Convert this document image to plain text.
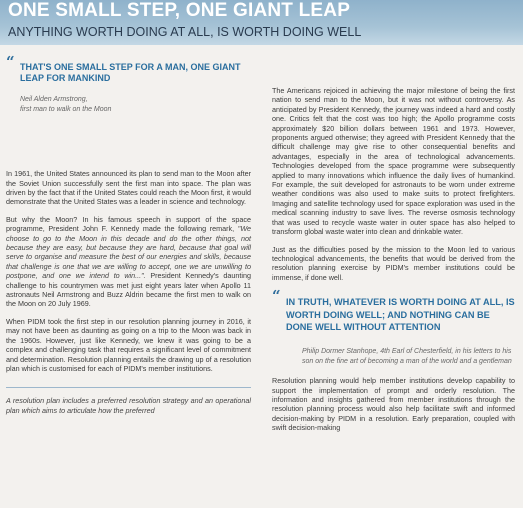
ONE SMALL STEP, ONE GIANT LEAP
ANYTHING WORTH DOING AT ALL, IS WORTH DOING WELL
“ THAT'S ONE SMALL STEP FOR A MAN, ONE GIANT LEAP FOR MANKIND
Neil Alden Armstrong,
first man to walk on the Moon

In 1961, the United States announced its plan to send man to the Moon after the Soviet Union successfully sent the first man into space. The plan was driven by the fact that if the United States could reach the Moon first, it would demonstrate that the United States was a leader in science and technology.

But why the Moon? In his famous speech in support of the space programme, President John F. Kennedy made the following remark, "We choose to go to the Moon in this decade and do the other things, not because they are easy, but because they are hard, because that goal will serve to organise and measure the best of our energies and skills, because that challenge is one that we are willing to accept, one we are unwilling to postpone, and one we intend to win...". President Kennedy's daunting challenge to his countrymen was met just eight years later when Apollo 11 astronauts Neil Armstrong and Buzz Aldrin became the first men to walk on the Moon on 20 July 1969.

When PIDM took the first step in our resolution planning journey in 2016, it may not have been as daunting as going on a trip to the Moon was back in the 1960s. However, just like Kennedy, we knew it was going to be a complex and challenging task that requires a significant level of commitment and determination. Resolution planning entails the drawing up of a resolution plan which is customised for each of PIDM's member institutions.

A resolution plan includes a preferred resolution strategy and an operational plan which aims to articulate how the preferred

The Americans rejoiced in achieving the major milestone of being the first nation to send man to the Moon, but it was not without controversy. As anticipated by President Kennedy, the journey was indeed a hard and costly one. Critics felt that the cost was too high; the Apollo programme costs approximately $20 billion dollars between 1961 and 1973. However, proponents argued otherwise; they agreed with President Kennedy that the difficult challenge may give rise to other consequential benefits and advantages, especially in the area of technological advancements. Technologies developed from the space programme were subsequently applied to many innovations which influence the daily lives of humankind. For example, the suit developed for astronauts to be worn under extreme weather conditions was also used to make suits to protect firefighters. Imaging and satellite technology used for space exploration was used in the medical scanning industry to save lives. The reverse osmosis technology that was used to recycle waste water in outer space has also helped to transform global waste water into clean and drinkable water.

Just as the difficulties posed by the mission to the Moon led to various technological advancements, the benefits that would be derived from the resolution planning exercise by PIDM's member institutions could be immense, if done well.

“ IN TRUTH, WHATEVER IS WORTH DOING AT ALL, IS WORTH DOING WELL; AND NOTHING CAN BE DONE WELL WITHOUT ATTENTION
Philip Dormer Stanhope, 4th Earl of Chesterfield, in his letters to his son on the fine art of becoming a man of the world and a gentleman

Resolution planning would help member institutions develop capability to support the implementation of prompt and orderly resolution. The information and insights gathered from member institutions through the resolution planning process would also help facilitate swift and informed decision-making by PIDM in a resolution. Early preparation, coupled with swift decision-making
